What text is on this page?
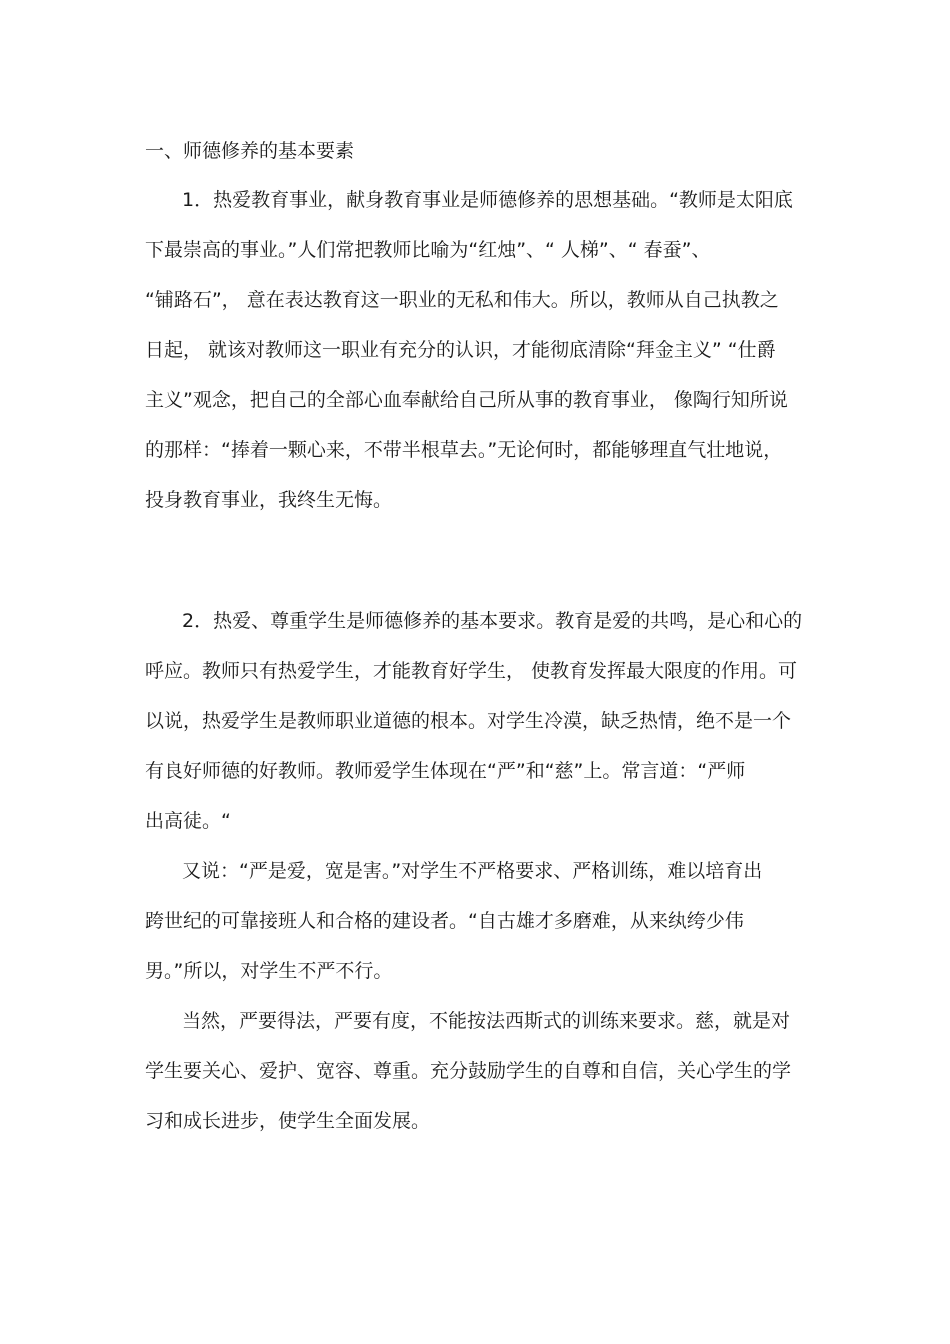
一、师德修养的基本要素
1．热爱教育事业，献身教育事业是师德修养的思想基础。“教师是太阳底
下最崇高的事业。”人们常把教师比喻为“红烛”、“ 人梯”、“ 春蚕”、
“铺路石”， 意在表达教育这一职业的无私和伟大。所以，教师从自己执教之
日起， 就该对教师这一职业有充分的认识，才能彻底清除“拜金主义” “仕爵
主义”观念，把自己的全部心血奉献给自己所从事的教育事业， 像陶行知所说
的那样：“捧着一颗心来，不带半根草去。”无论何时，都能够理直气壮地说，
投身教育事业，我终生无悔。
2．热爱、尊重学生是师德修养的基本要求。教育是爱的共鸣，是心和心的
呼应。教师只有热爱学生，才能教育好学生， 使教育发挥最大限度的作用。可
以说，热爱学生是教师职业道德的根本。对学生冷漠，缺乏热情，绝不是一个
有良好师德的好教师。教师爱学生体现在“严”和“慈”上。常言道：“严师
出高徒。“
又说：“严是爱，宽是害。”对学生不严格要求、严格训练，难以培育出
跨世纪的可靠接班人和合格的建设者。“自古雄才多磨难，从来纨绔少伟
男。”所以，对学生不严不行。
当然，严要得法，严要有度，不能按法西斯式的训练来要求。慈，就是对
学生要关心、爱护、宽容、尊重。充分鼓励学生的自尊和自信，关心学生的学
习和成长进步，使学生全面发展。
